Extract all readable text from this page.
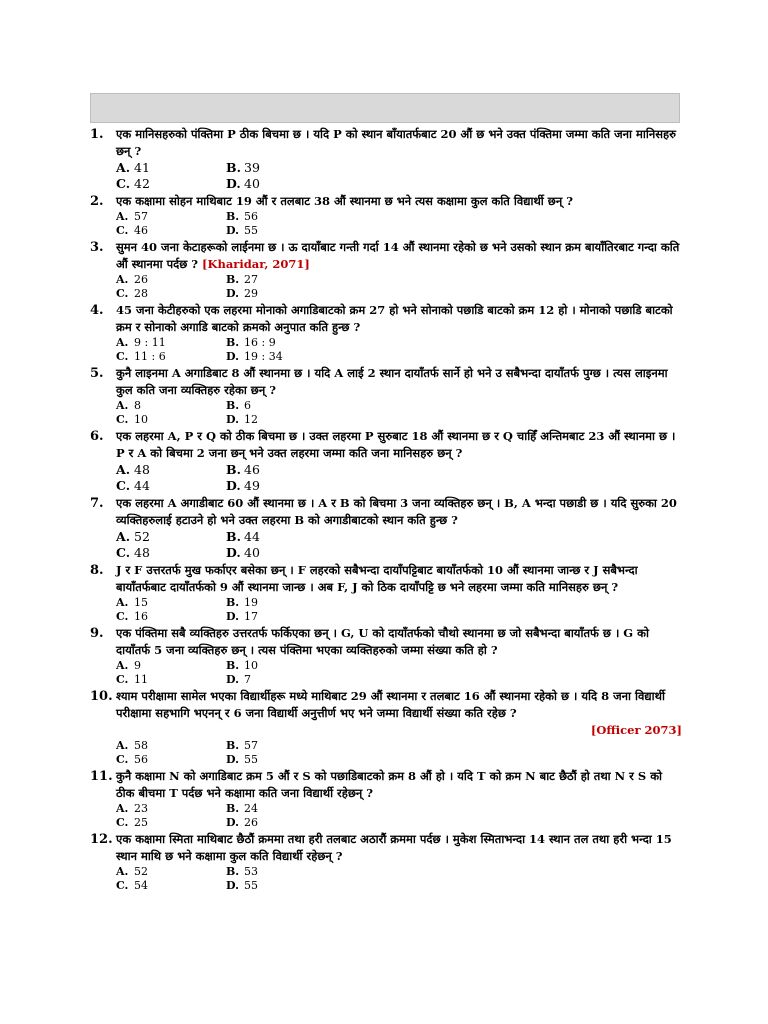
1.	एक मानिसहरुको पंक्तिमा P ठीक बिचमा छ । यदि P को स्थान बाँयातर्फबाट 20 औं छ भने उक्त पंक्तिमा जम्मा कति जना मानिसहरु छन् ?
A. 41	B. 39
C. 42	D. 40
2.	एक कक्षामा सोहन माथिबाट 19 औं र तलबाट 38 औं स्थानमा छ भने त्यस कक्षामा कुल कति विद्यार्थी छन् ?
A. 57	B. 56
C. 46	D. 55
3.	सुमन 40 जना केटाहरूको लाईनमा छ । ऊ दायाँबाट गन्ती गर्दा 14 औं स्थानमा रहेको छ भने उसको स्थान क्रम बायाँतिरबाट गन्दा कति औं स्थानमा पर्दछ ? [Kharidar, 2071]
A. 26	B. 27
C. 28	D. 29
4.	45 जना केटीहरुको एक लहरमा मोनाको अगाडिबाटको क्रम 27 हो भने सोनाको पछाडि बाटको क्रम 12 हो । मोनाको पछाडि बाटको क्रम र सोनाको अगाडि बाटको क्रमको अनुपात कति हुन्छ ?
A. 9 : 11	B. 16 : 9
C. 11 : 6	D. 19 : 34
5.	कुनै लाइनमा A अगाडिबाट 8 औं स्थानमा छ । यदि A लाई 2 स्थान दायाँतर्फ सार्ने हो भने उ सबैभन्दा दायाँतर्फ पुग्छ । त्यस लाइनमा कुल कति जना व्यक्तिहरु रहेका छन् ?
A. 8	B. 6
C. 10	D. 12
6.	एक लहरमा A, P र Q को ठीक बिचमा छ । उक्त लहरमा P सुरुबाट 18 औं स्थानमा छ र Q चाहिँ अन्तिमबाट 23 औं स्थानमा छ । P र A को बिचमा 2 जना छन् भने उक्त लहरमा जम्मा कति जना मानिसहरु छन् ?
A. 48	B. 46
C. 44	D. 49
7.	एक लहरमा A अगाडीबाट 60 औं स्थानमा छ । A र B को बिचमा 3 जना व्यक्तिहरु छन् । B, A भन्दा पछाडी छ । यदि सुरुका 20 व्यक्तिहरुलाई हटाउने हो भने उक्त लहरमा B को अगाडीबाटको स्थान कति हुन्छ ?
A. 52	B. 44
C. 48	D. 40
8.	J र F उत्तरतर्फ मुख फर्काएर बसेका छन् । F लहरको सबैभन्दा दायाँपट्टिबाट बायाँतर्फको 10 औं स्थानमा जान्छ र J सबैभन्दा बायाँतर्फबाट दायाँतर्फको 9 औं स्थानमा जान्छ । अब F, J को ठिक दायाँपट्टि छ भने लहरमा जम्मा कति मानिसहरु छन् ?
A. 15	B. 19
C. 16	D. 17
9.	एक पंक्तिमा सबै व्यक्तिहरु उत्तरतर्फ फर्किएका छन् । G, U को दायाँतर्फको चौथो स्थानमा छ जो सबैभन्दा बायाँतर्फ छ । G को दायाँतर्फ 5 जना व्यक्तिहरु छन् । त्यस पंक्तिमा भएका व्यक्तिहरुको जम्मा संख्या कति हो ?
A. 9	B. 10
C. 11	D. 7
10. श्याम परीक्षामा सामेल भएका विद्यार्थीहरू मध्ये माथिबाट 29 औं स्थानमा र तलबाट 16 औं स्थानमा रहेको छ । यदि 8 जना विद्यार्थी परीक्षामा सहभागि भएनन् र 6 जना विद्यार्थी अनुत्तीर्ण भए भने जम्मा विद्यार्थी संख्या कति रहेछ ?
[Officer 2073]
A. 58	B. 57
C. 56	D. 55
11. कुनै कक्षामा N को अगाडिबाट क्रम 5 औं र S को पछाडिबाटको क्रम 8 औं हो । यदि T को क्रम N बाट छैठौं हो तथा N र S को ठीक बीचमा T पर्दछ भने कक्षामा कति जना विद्यार्थी रहेछन् ?
A. 23	B. 24
C. 25	D. 26
12. एक कक्षामा स्मिता माथिबाट छैठौं क्रममा तथा हरी तलबाट अठारौं क्रममा पर्दछ । मुकेश स्मिताभन्दा 14 स्थान तल तथा हरी भन्दा 15 स्थान माथि छ भने कक्षामा कुल कति विद्यार्थी रहेछन् ?
A. 52	B. 53
C. 54	D. 55
